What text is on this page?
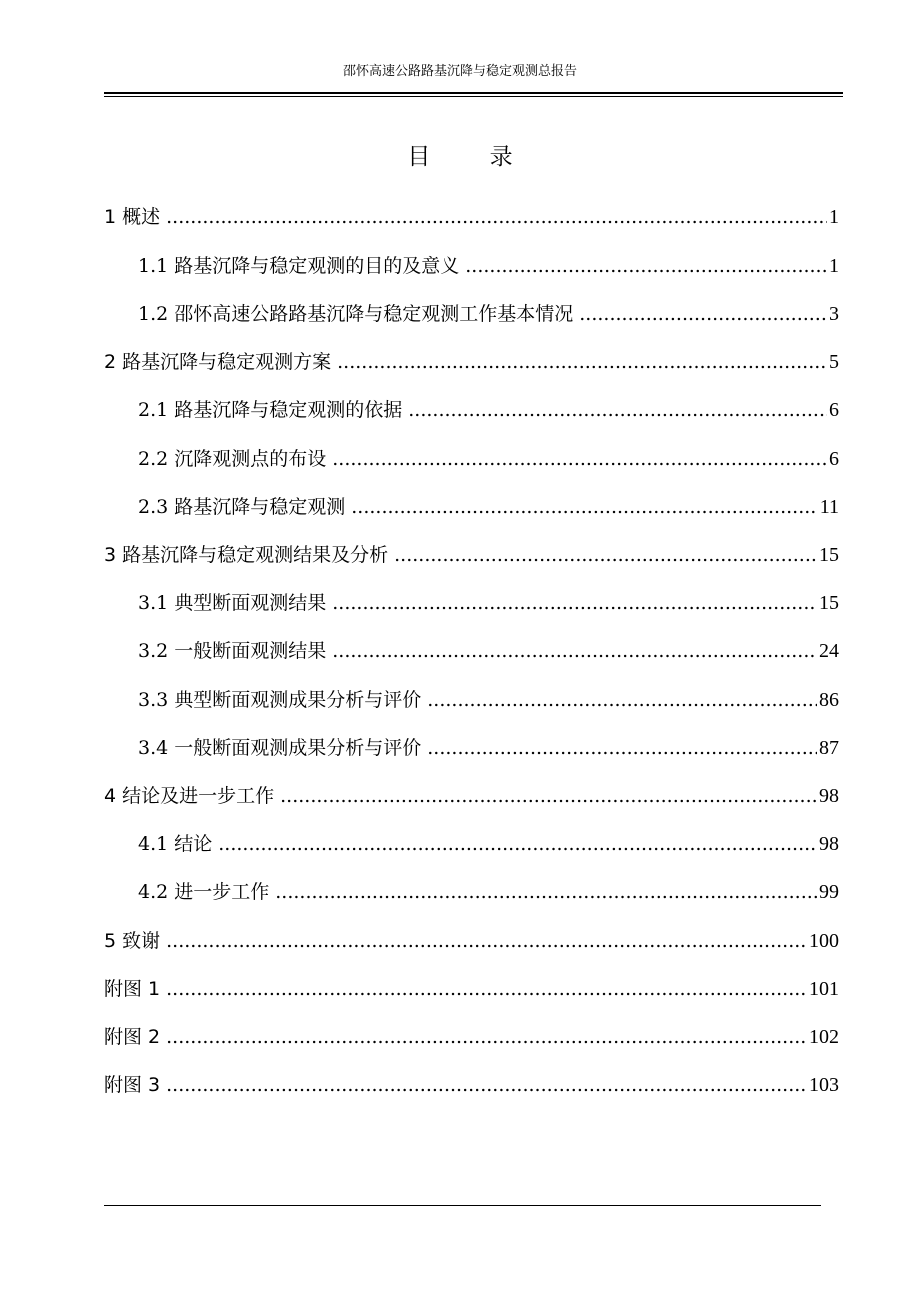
邵怀高速公路路基沉降与稳定观测总报告
目 录
1 概述 .....	1
1.1 路基沉降与稳定观测的目的及意义 .....	1
1.2 邵怀高速公路路基沉降与稳定观测工作基本情况 .....	3
2 路基沉降与稳定观测方案 .....	5
2.1 路基沉降与稳定观测的依据 .....	6
2.2 沉降观测点的布设 .....	6
2.3 路基沉降与稳定观测 .....	11
3 路基沉降与稳定观测结果及分析 .....	15
3.1 典型断面观测结果 .....	15
3.2 一般断面观测结果 .....	24
3.3 典型断面观测成果分析与评价 .....	86
3.4 一般断面观测成果分析与评价 .....	87
4 结论及进一步工作 .....	98
4.1 结论 .....	98
4.2 进一步工作 .....	99
5 致谢 .....	100
附图 1 .....	101
附图 2 .....	102
附图 3 .....	103
